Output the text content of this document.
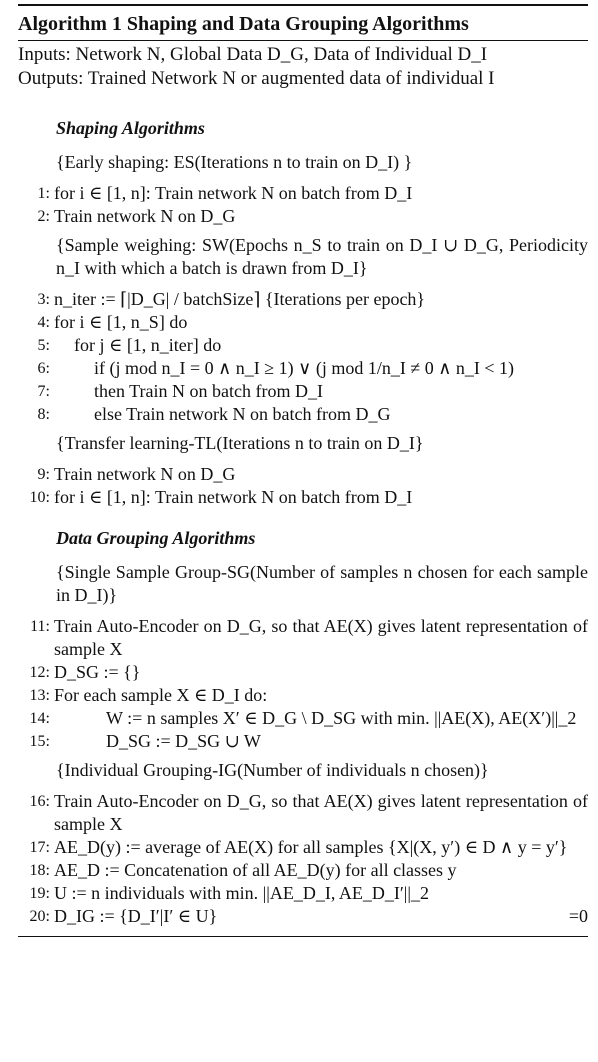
Algorithm 1 Shaping and Data Grouping Algorithms
Inputs: Network N, Global Data D_G, Data of Individual D_I
Outputs: Trained Network N or augmented data of individual I
Shaping Algorithms
{Early shaping: ES(Iterations n to train on D_I) }
1: for i ∈ [1, n]: Train network N on batch from D_I
2: Train network N on D_G
{Sample weighing: SW(Epochs n_S to train on D_I ∪ D_G, Periodicity n_I with which a batch is drawn from D_I}
3: n_iter := ⌈|D_G| / batchSize⌉ {Iterations per epoch}
4: for i ∈ [1, n_S] do
5:	for j ∈ [1, n_iter] do
6:	if (j mod n_I = 0 ∧ n_I ≥ 1) ∨ (j mod 1/n_I ≠ 0 ∧ n_I < 1)
7:	then Train N on batch from D_I
8:	else Train network N on batch from D_G
{Transfer learning-TL(Iterations n to train on D_I}
9: Train network N on D_G
10: for i ∈ [1, n]: Train network N on batch from D_I
Data Grouping Algorithms
{Single Sample Group-SG(Number of samples n chosen for each sample in D_I)}
11: Train Auto-Encoder on D_G, so that AE(X) gives latent representation of sample X
12: D_SG := {}
13: For each sample X ∈ D_I do:
14:	W := n samples X′ ∈ D_G \ D_SG with min. ||AE(X), AE(X′)||_2
15:	D_SG := D_SG ∪ W
{Individual Grouping-IG(Number of individuals n chosen)}
16: Train Auto-Encoder on D_G, so that AE(X) gives latent representation of sample X
17: AE_D(y) := average of AE(X) for all samples {X|(X, y′) ∈ D ∧ y = y′}
18: AE_D := Concatenation of all AE_D(y) for all classes y
19: U := n individuals with min. ||AE_D_I, AE_D_I′||_2
20: D_IG := {D_I′|I′ ∈ U}	=0
